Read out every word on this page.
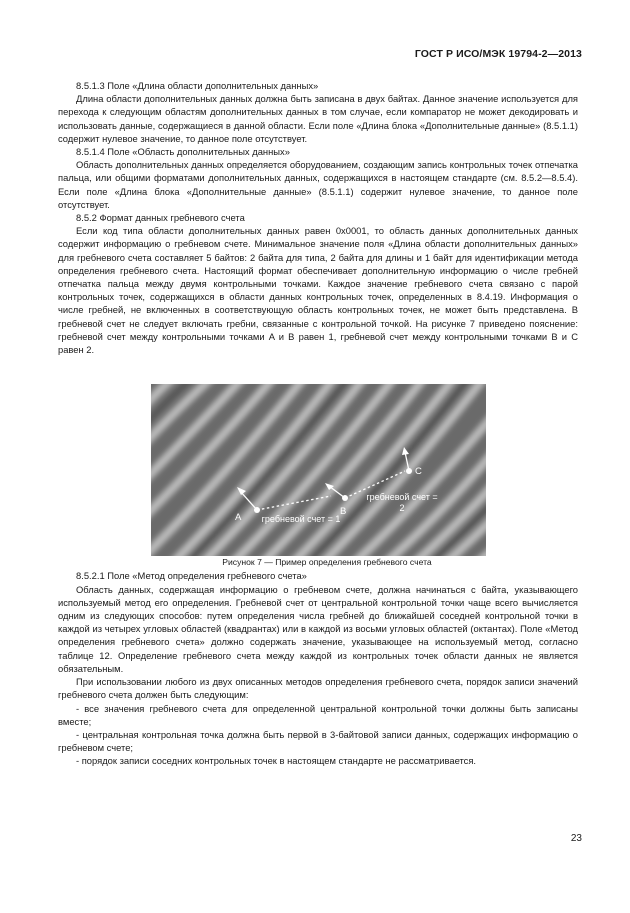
ГОСТ Р ИСО/МЭК 19794-2—2013

8.5.1.3 Поле «Длина области дополнительных данных»

Длина области дополнительных данных должна быть записана в двух байтах. Данное значение используется для перехода к следующим областям дополнительных данных в том случае, если компаратор не может декодировать и использовать данные, содержащиеся в данной области. Если поле «Длина блока «Дополнительные данные» (8.5.1.1) содержит нулевое значение, то данное поле отсутствует.

8.5.1.4 Поле «Область дополнительных данных»

Область дополнительных данных определяется оборудованием, создающим запись контрольных точек отпечатка пальца, или общими форматами дополнительных данных, содержащихся в настоящем стандарте (см. 8.5.2—8.5.4). Если поле «Длина блока «Дополнительные данные» (8.5.1.1) содержит нулевое значение, то данное поле отсутствует.

8.5.2 Формат данных гребневого счета

Если код типа области дополнительных данных равен 0x0001, то область данных дополнительных данных содержит информацию о гребневом счете. Минимальное значение поля «Длина области дополнительных данных» для гребневого счета составляет 5 байтов: 2 байта для типа, 2 байта для длины и 1 байт для идентификации метода определения гребневого счета. Настоящий формат обеспечивает дополнительную информацию о числе гребней отпечатка пальца между двумя контрольными точками. Каждое значение гребневого счета связано с парой контрольных точек, содержащихся в области данных контрольных точек, определенных в 8.4.19. Информация о числе гребней, не включенных в соответствующую область контрольных точек, не может быть представлена. В гребневой счет не следует включать гребни, связанные с контрольной точкой. На рисунке 7 приведено пояснение: гребневой счет между контрольными точками A и B равен 1, гребневой счет между контрольными точками B и C равен 2.

A
B
C
гребневой счет = 1
гребневой счет = 2

Рисунок 7 — Пример определения гребневого счета

8.5.2.1 Поле «Метод определения гребневого счета»

Область данных, содержащая информацию о гребневом счете, должна начинаться с байта, указывающего используемый метод его определения. Гребневой счет от центральной контрольной точки чаще всего вычисляется одним из следующих способов: путем определения числа гребней до ближайшей соседней контрольной точки в каждой из четырех угловых областей (квадрантах) или в каждой из восьми угловых областей (октантах). Поле «Метод определения гребневого счета» должно содержать значение, указывающее на используемый метод, согласно таблице 12. Определение гребневого счета между каждой из контрольных точек области данных не является обязательным.

При использовании любого из двух описанных методов определения гребневого счета, порядок записи значений гребневого счета должен быть следующим:

- все значения гребневого счета для определенной центральной контрольной точки должны быть записаны вместе;

- центральная контрольная точка должна быть первой в 3-байтовой записи данных, содержащих информацию о гребневом счете;

- порядок записи соседних контрольных точек в настоящем стандарте не рассматривается.

23
